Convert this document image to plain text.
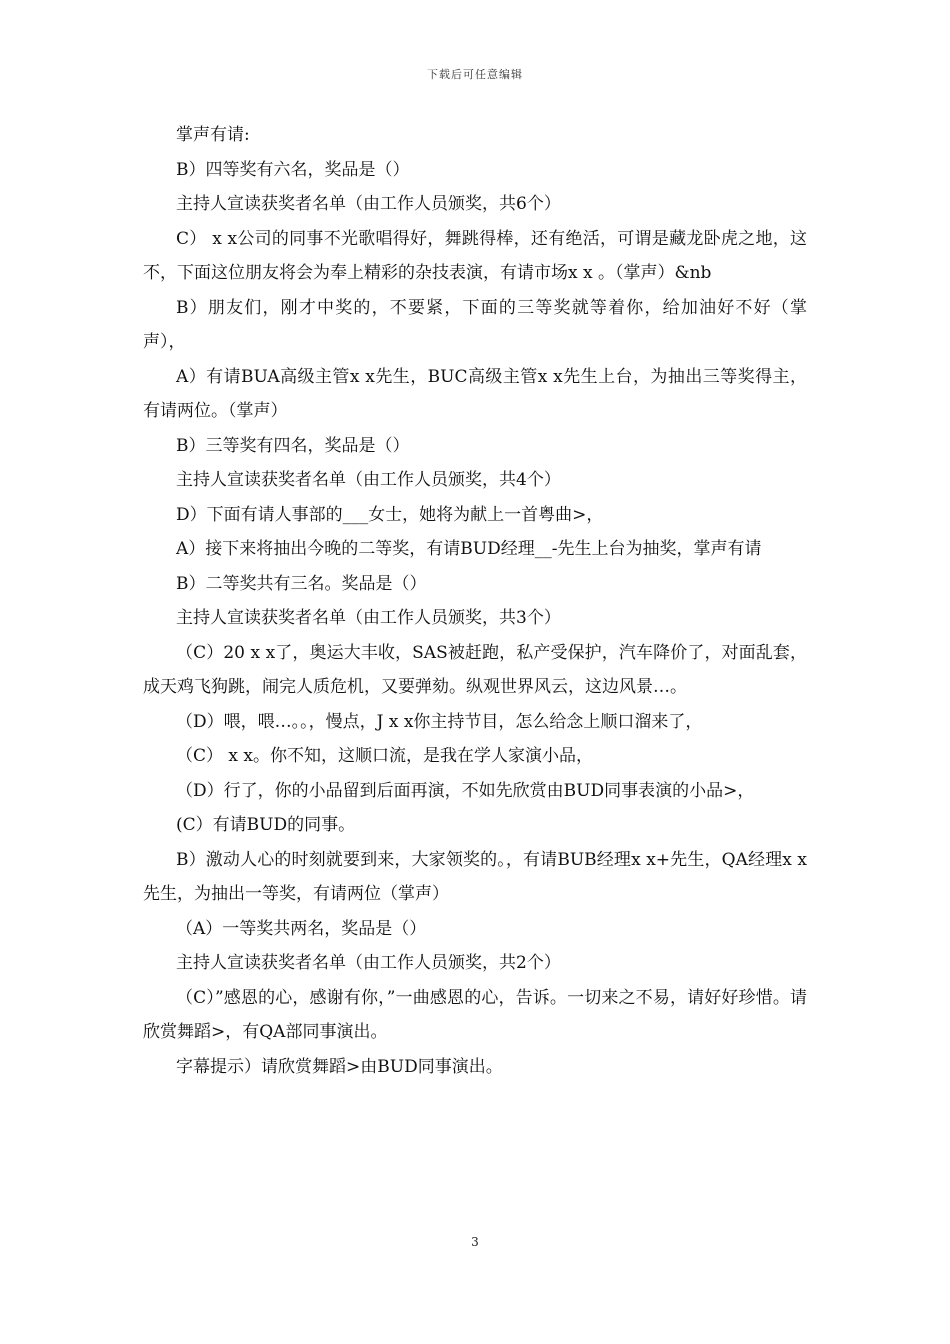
下载后可任意编辑

掌声有请:

B）四等奖有六名，奖品是（）

主持人宣读获奖者名单（由工作人员颁奖，共6个）

C） x x公司的同事不光歌唱得好，舞跳得棒，还有绝活，可谓是藏龙卧虎之地，这不，下面这位朋友将会为奉上精彩的杂技表演，有请市场x x 。（掌声）&nb

B）朋友们，刚才中奖的，不要紧，下面的三等奖就等着你，给加油好不好（掌声），

A）有请BUA高级主管x x先生，BUC高级主管x x先生上台，为抽出三等奖得主，有请两位。（掌声）

B）三等奖有四名，奖品是（）

主持人宣读获奖者名单（由工作人员颁奖，共4个）

D）下面有请人事部的___女士，她将为献上一首粤曲>，

A）接下来将抽出今晚的二等奖，有请BUD经理__-先生上台为抽奖，掌声有请

B）二等奖共有三名。奖品是（）

主持人宣读获奖者名单（由工作人员颁奖，共3个）

（C）20 x x了，奥运大丰收，SAS被赶跑，私产受保护，汽车降价了，对面乱套，成天鸡飞狗跳，闹完人质危机，又要弹劾。纵观世界风云，这边风景…。

（D）喂，喂…。。，慢点，J x x你主持节目，怎么给念上顺口溜来了，

（C） x x。你不知，这顺口流，是我在学人家演小品，

（D）行了，你的小品留到后面再演，不如先欣赏由BUD同事表演的小品>，

(C）有请BUD的同事。

B）激动人心的时刻就要到来，大家领奖的。，有请BUB经理x x+先生，QA经理x x先生，为抽出一等奖，有请两位（掌声）

（A）一等奖共两名，奖品是（）

主持人宣读获奖者名单（由工作人员颁奖，共2个）

（C）”感恩的心，感谢有你，”一曲感恩的心，告诉。一切来之不易，请好好珍惜。请欣赏舞蹈>，有QA部同事演出。

字幕提示）请欣赏舞蹈>由BUD同事演出。

3
